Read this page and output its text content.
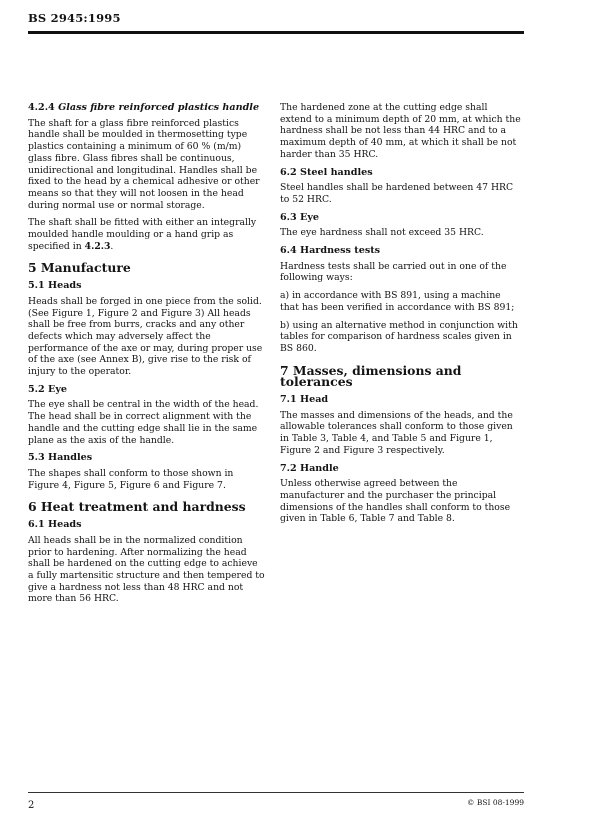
BS 2945:1995
4.2.4 Glass fibre reinforced plastics handle

The shaft for a glass fibre reinforced plastics handle shall be moulded in thermosetting type plastics containing a minimum of 60 % (m/m) glass fibre. Glass fibres shall be continuous, unidirectional and longitudinal. Handles shall be fixed to the head by a chemical adhesive or other means so that they will not loosen in the head during normal use or normal storage.

The shaft shall be fitted with either an integrally moulded handle moulding or a hand grip as specified in 4.2.3.

5 Manufacture
5.1 Heads

Heads shall be forged in one piece from the solid. (See Figure 1, Figure 2 and Figure 3) All heads shall be free from burrs, cracks and any other defects which may adversely affect the performance of the axe or may, during proper use of the axe (see Annex B), give rise to the risk of injury to the operator.

5.2 Eye

The eye shall be central in the width of the head. The head shall be in correct alignment with the handle and the cutting edge shall lie in the same plane as the axis of the handle.

5.3 Handles

The shapes shall conform to those shown in Figure 4, Figure 5, Figure 6 and Figure 7.

6 Heat treatment and hardness
6.1 Heads

All heads shall be in the normalized condition prior to hardening. After normalizing the head shall be hardened on the cutting edge to achieve a fully martensitic structure and then tempered to give a hardness not less than 48 HRC and not more than 56 HRC.

The hardened zone at the cutting edge shall extend to a minimum depth of 20 mm, at which the hardness shall be not less than 44 HRC and to a maximum depth of 40 mm, at which it shall be not harder than 35 HRC.

6.2 Steel handles

Steel handles shall be hardened between 47 HRC to 52 HRC.

6.3 Eye

The eye hardness shall not exceed 35 HRC.

6.4 Hardness tests

Hardness tests shall be carried out in one of the following ways:

a) in accordance with BS 891, using a machine that has been verified in accordance with BS 891;

b) using an alternative method in conjunction with tables for comparison of hardness scales given in BS 860.

7 Masses, dimensions and tolerances
7.1 Head

The masses and dimensions of the heads, and the allowable tolerances shall conform to those given in Table 3, Table 4, and Table 5 and Figure 1, Figure 2 and Figure 3 respectively.

7.2 Handle

Unless otherwise agreed between the manufacturer and the purchaser the principal dimensions of the handles shall conform to those given in Table 6, Table 7 and Table 8.

2	© BSI 08-1999
